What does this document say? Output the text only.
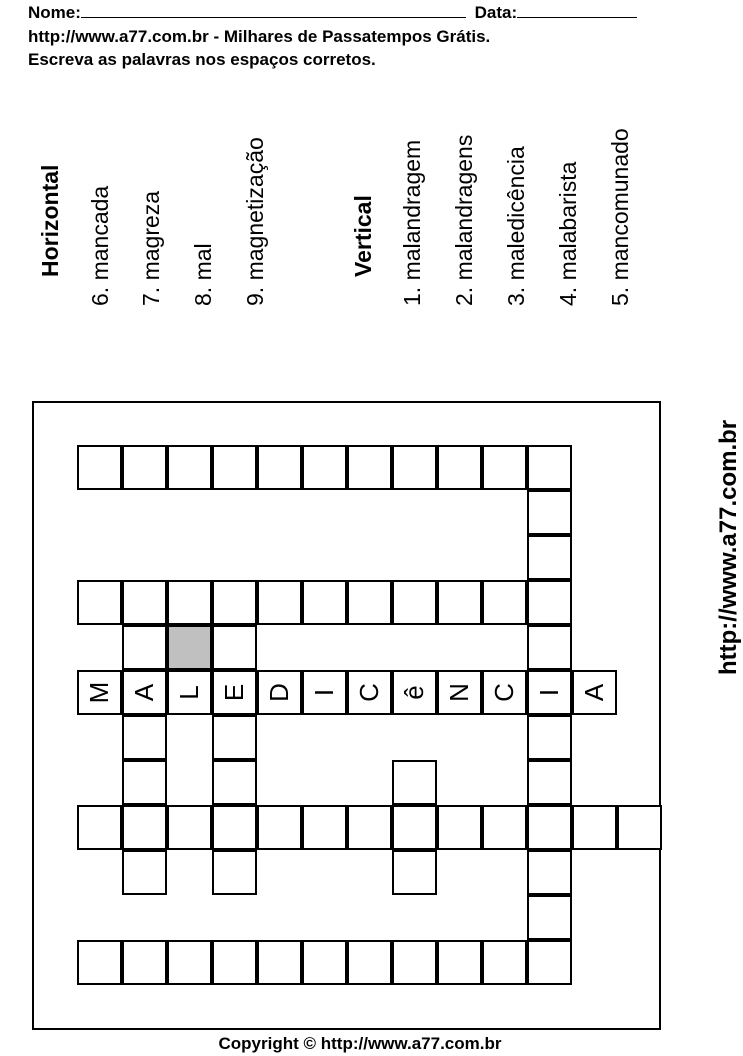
Nome:	Data:
http://www.a77.com.br - Milhares de Passatempos Grátis.
Escreva as palavras nos espaços corretos.
Horizontal 6. mancada 7. magreza 8. mal 9. magnetização	Vertical 1. malandragem 2. malandragens 3. maledicência 4. malabarista 5. mancomunado
M A L E D I C ê N C I A
http://www.a77.com.br
Copyright © http://www.a77.com.br
